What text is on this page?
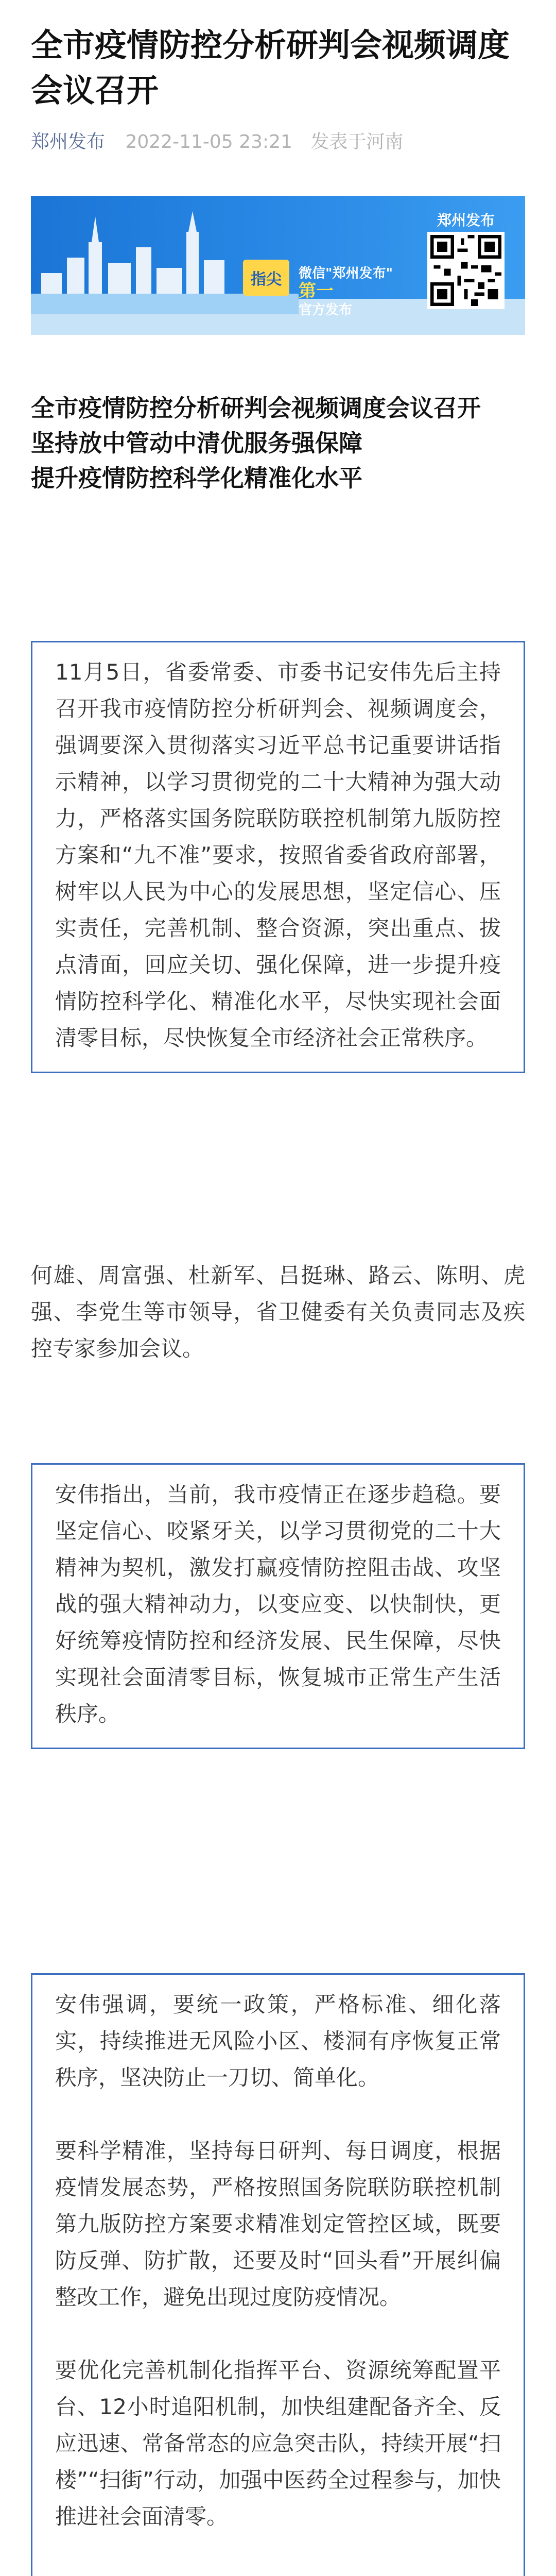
全市疫情防控分析研判会视频调度会议召开
郑州发布 2022-11-05 23:21 发表于河南
指尖 微信"郑州发布" 第一
官方发布
郑州发布
全市疫情防控分析研判会视频调度会议召开
坚持放中管动中清优服务强保障
提升疫情防控科学化精准化水平

11月5日，省委常委、市委书记安伟先后主持召开我市疫情防控分析研判会、视频调度会，强调要深入贯彻落实习近平总书记重要讲话指示精神，以学习贯彻党的二十大精神为强大动力，严格落实国务院联防联控机制第九版防控方案和“九不准”要求，按照省委省政府部署，树牢以人民为中心的发展思想，坚定信心、压实责任，完善机制、整合资源，突出重点、拔点清面，回应关切、强化保障，进一步提升疫情防控科学化、精准化水平，尽快实现社会面清零目标，尽快恢复全市经济社会正常秩序。

何雄、周富强、杜新军、吕挺琳、路云、陈明、虎强、李党生等市领导，省卫健委有关负责同志及疾控专家参加会议。

安伟指出，当前，我市疫情正在逐步趋稳。要坚定信心、咬紧牙关，以学习贯彻党的二十大精神为契机，激发打赢疫情防控阻击战、攻坚战的强大精神动力，以变应变、以快制快，更好统筹疫情防控和经济发展、民生保障，尽快实现社会面清零目标，恢复城市正常生产生活秩序。

安伟强调，要统一政策，严格标准、细化落实，持续推进无风险小区、楼洞有序恢复正常秩序，坚决防止一刀切、简单化。

要科学精准，坚持每日研判、每日调度，根据疫情发展态势，严格按照国务院联防联控机制第九版防控方案要求精准划定管控区域，既要防反弹、防扩散，还要及时“回头看”开展纠偏整改工作，避免出现过度防疫情况。

要优化完善机制化指挥平台、资源统筹配置平台、12小时追阳机制，加快组建配备齐全、反应迅速、常备常态的应急突击队，持续开展“扫楼”“扫街”行动，加强中医药全过程参与，加快推进社会面清零。
